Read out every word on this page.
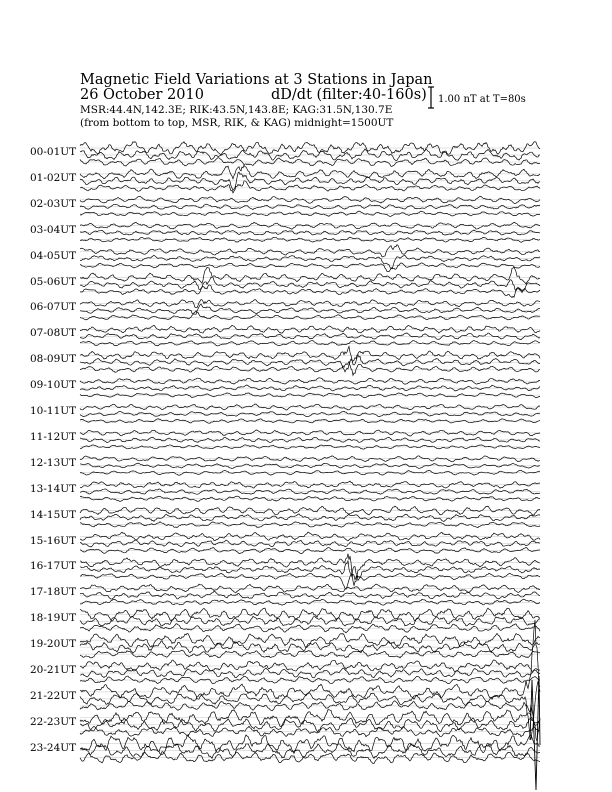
Magnetic Field Variations at 3 Stations in Japan
26 October 2010	dD/dt (filter:40-160s)
MSR:44.4N,142.3E; RIK:43.5N,143.8E; KAG:31.5N,130.7E
(from bottom to top, MSR, RIK, & KAG) midnight=1500UT
1.00 nT at T=80s
00-01UT
01-02UT
02-03UT
03-04UT
04-05UT
05-06UT
06-07UT
07-08UT
08-09UT
09-10UT
10-11UT
11-12UT
12-13UT
13-14UT
14-15UT
15-16UT
16-17UT
17-18UT
18-19UT
19-20UT
20-21UT
21-22UT
22-23UT
23-24UT
